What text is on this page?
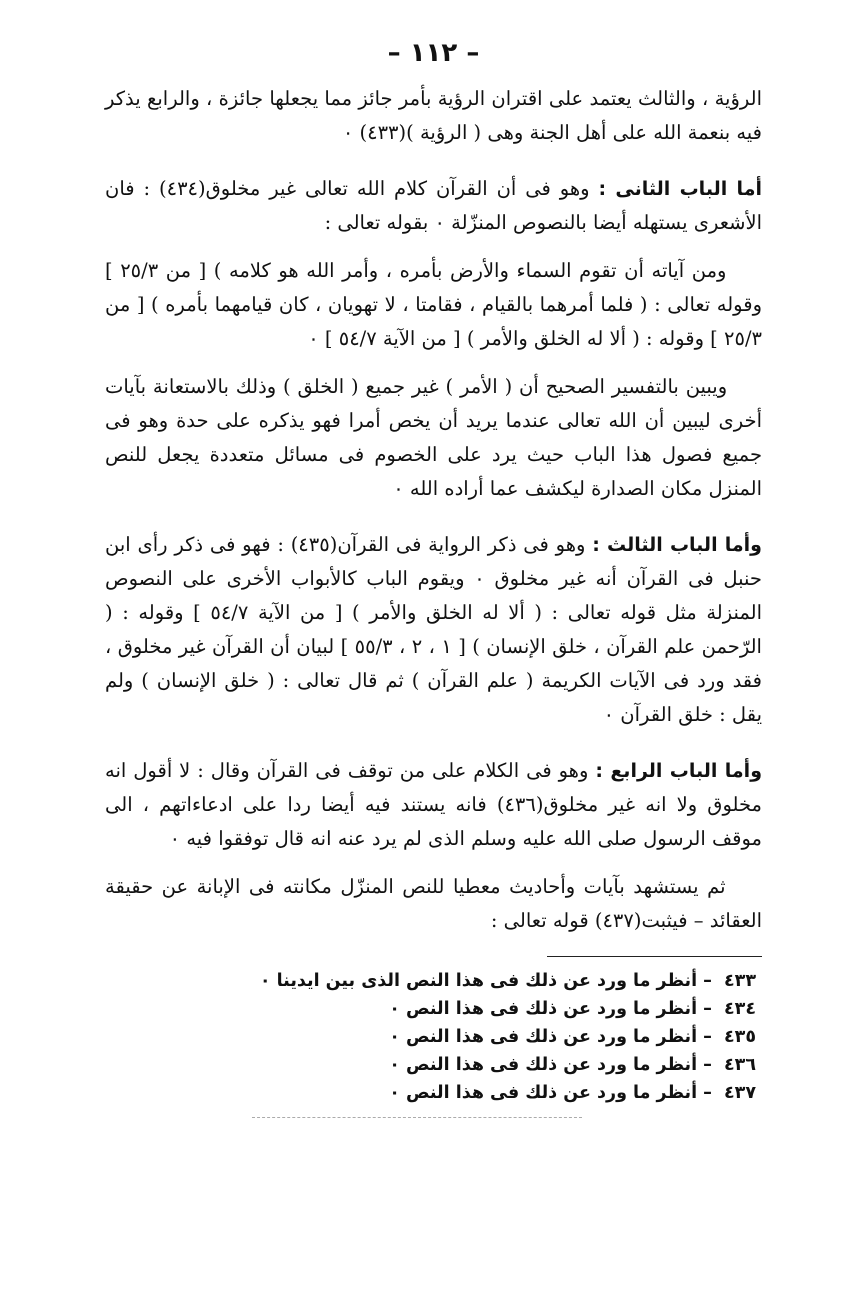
– ١١٢ –

الرؤية ، والثالث يعتمد على اقتران الرؤية بأمر جائز مما يجعلها جائزة ، والرابع يذكر فيه بنعمة الله على أهل الجنة وهى ( الرؤية )(٤٣٣) ٠

أما الباب الثانى : وهو فى أن القرآن كلام الله تعالى غير مخلوق(٤٣٤) : فان الأشعرى يستهله أيضا بالنصوص المنزّلة ٠ بقوله تعالى :

ومن آياته أن تقوم السماء والأرض بأمره ، وأمر الله هو كلامه ) [ من ٢٥/٣ ] وقوله تعالى : ( فلما أمرهما بالقيام ، فقامتا ، لا تهويان ، كان قيامهما بأمره ) [ من ٢٥/٣ ] وقوله : ( ألا له الخلق والأمر ) [ من الآية ٥٤/٧ ] ٠

ويبين بالتفسير الصحيح أن ( الأمر ) غير جميع ( الخلق ) وذلك بالاستعانة بآيات أخرى ليبين أن الله تعالى عندما يريد أن يخص أمرا فهو يذكره على حدة وهو فى جميع فصول هذا الباب حيث يرد على الخصوم فى مسائل متعددة يجعل للنص المنزل مكان الصدارة ليكشف عما أراده الله ٠

وأما الباب الثالث : وهو فى ذكر الرواية فى القرآن(٤٣٥) : فهو فى ذكر رأى ابن حنبل فى القرآن أنه غير مخلوق ٠ ويقوم الباب كالأبواب الأخرى على النصوص المنزلة مثل قوله تعالى : ( ألا له الخلق والأمر ) [ من الآية ٥٤/٧ ] وقوله : ( الرّحمن علم القرآن ، خلق الإنسان ) [ ١ ، ٢ ، ٥٥/٣ ] لبيان أن القرآن غير مخلوق ، فقد ورد فى الآيات الكريمة ( علم القرآن ) ثم قال تعالى : ( خلق الإنسان ) ولم يقل : خلق القرآن ٠

وأما الباب الرابع : وهو فى الكلام على من توقف فى القرآن وقال : لا أقول انه مخلوق ولا انه غير مخلوق(٤٣٦) فانه يستند فيه أيضا ردا على ادعاءاتهم ، الى موقف الرسول صلى الله عليه وسلم الذى لم يرد عنه انه قال توفقوا فيه ٠

ثم يستشهد بآيات وأحاديث معطيا للنص المنزّل مكانته فى الإبانة عن حقيقة العقائد – فيثبت(٤٣٧) قوله تعالى :

٤٣٣ – أنظر ما ورد عن ذلك فى هذا النص الذى بين ايدينا ٠
٤٣٤ – أنظر ما ورد عن ذلك فى هذا النص ٠
٤٣٥ – أنظر ما ورد عن ذلك فى هذا النص ٠
٤٣٦ – أنظر ما ورد عن ذلك فى هذا النص ٠
٤٣٧ – أنظر ما ورد عن ذلك فى هذا النص ٠
